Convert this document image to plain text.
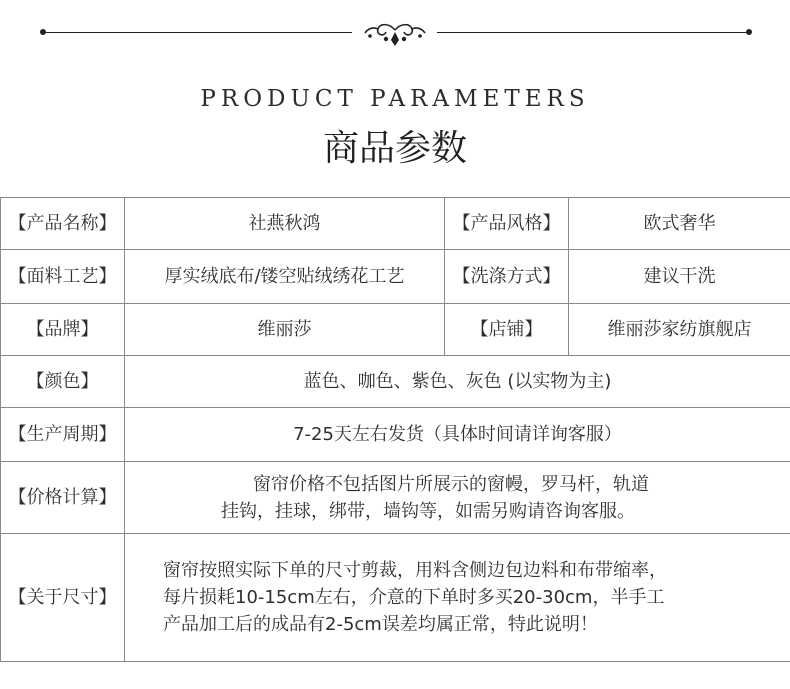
PRODUCT PARAMETERS
商品参数
【产品名称】	社燕秋鸿	【产品风格】	欧式奢华
【面料工艺】	厚实绒底布/镂空贴绒绣花工艺	【洗涤方式】	建议干洗
【品牌】	维丽莎	【店铺】	维丽莎家纺旗舰店
【颜色】	蓝色、咖色、紫色、灰色 (以实物为主)		
【生产周期】	7-25天左右发货（具体时间请详询客服）		
【价格计算】	窗帘价格不包括图片所展示的窗幔，罗马杆，轨道
挂钩，挂球，绑带，墙钩等，如需另购请咨询客服。		

【关于尺寸】	窗帘按照实际下单的尺寸剪裁，用料含侧边包边料和布带缩率，
每片损耗10-15cm左右，介意的下单时多买20-30cm，半手工
产品加工后的成品有2-5cm误差均属正常，特此说明！		
